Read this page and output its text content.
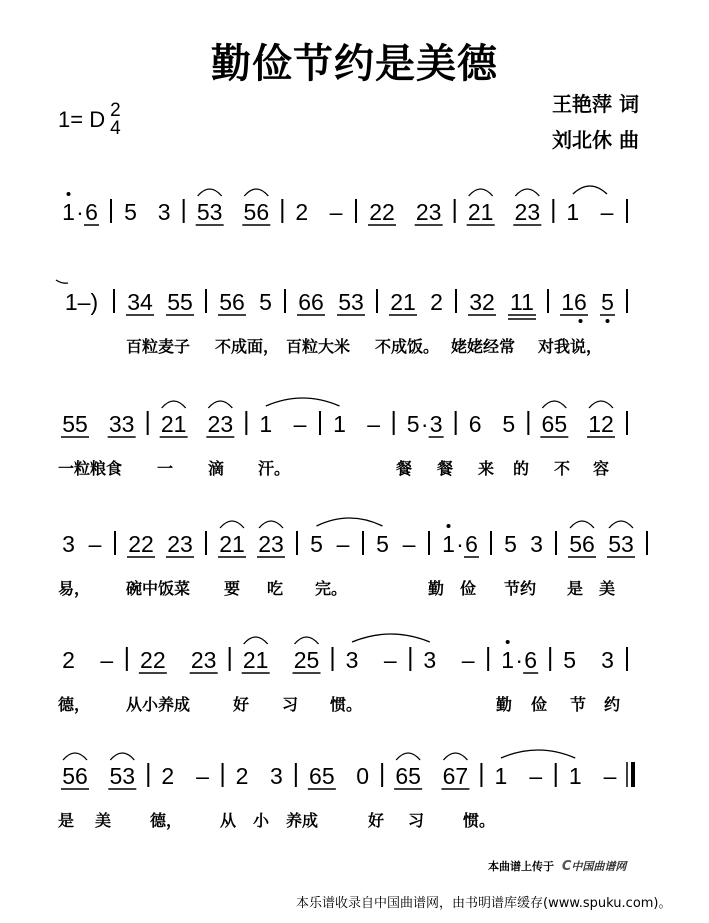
勤俭节约是美德
1= D 2
4
王艳萍 词
刘北休 曲
1 · 6 5 3 53 56 2 – 22 23 21 23 1 –
1–) 34 55 56 5 66 53 21 2 32 11 16 5
百粒麦子 不成面， 百粒大米 不成饭。 姥姥经常 对我说，
55 33 21 23 1 – 1 – 5 · 3 6 5 65 12
一粒粮食 一 滴 汗。	餐 餐 来 的 不 容
3 – 22 23 21 23 5 – 5 – 1 · 6 5 3 56 53
易， 碗中饭菜 要 吃 完。	勤 俭 节约 是 美
2 – 22 23 21 25 3 – 3 – 1 · 6 5 3
德， 从小养成	好 习 惯。	勤 俭 节 约
56 53 2 – 2 3 65 0 65 67 1 – 1 –
是 美 德， 从 小 养成	好 习 惯。
本曲谱上传于 C中国曲谱网
本乐谱收录自中国曲谱网，由书明谱库缓存(www.spuku.com)。
